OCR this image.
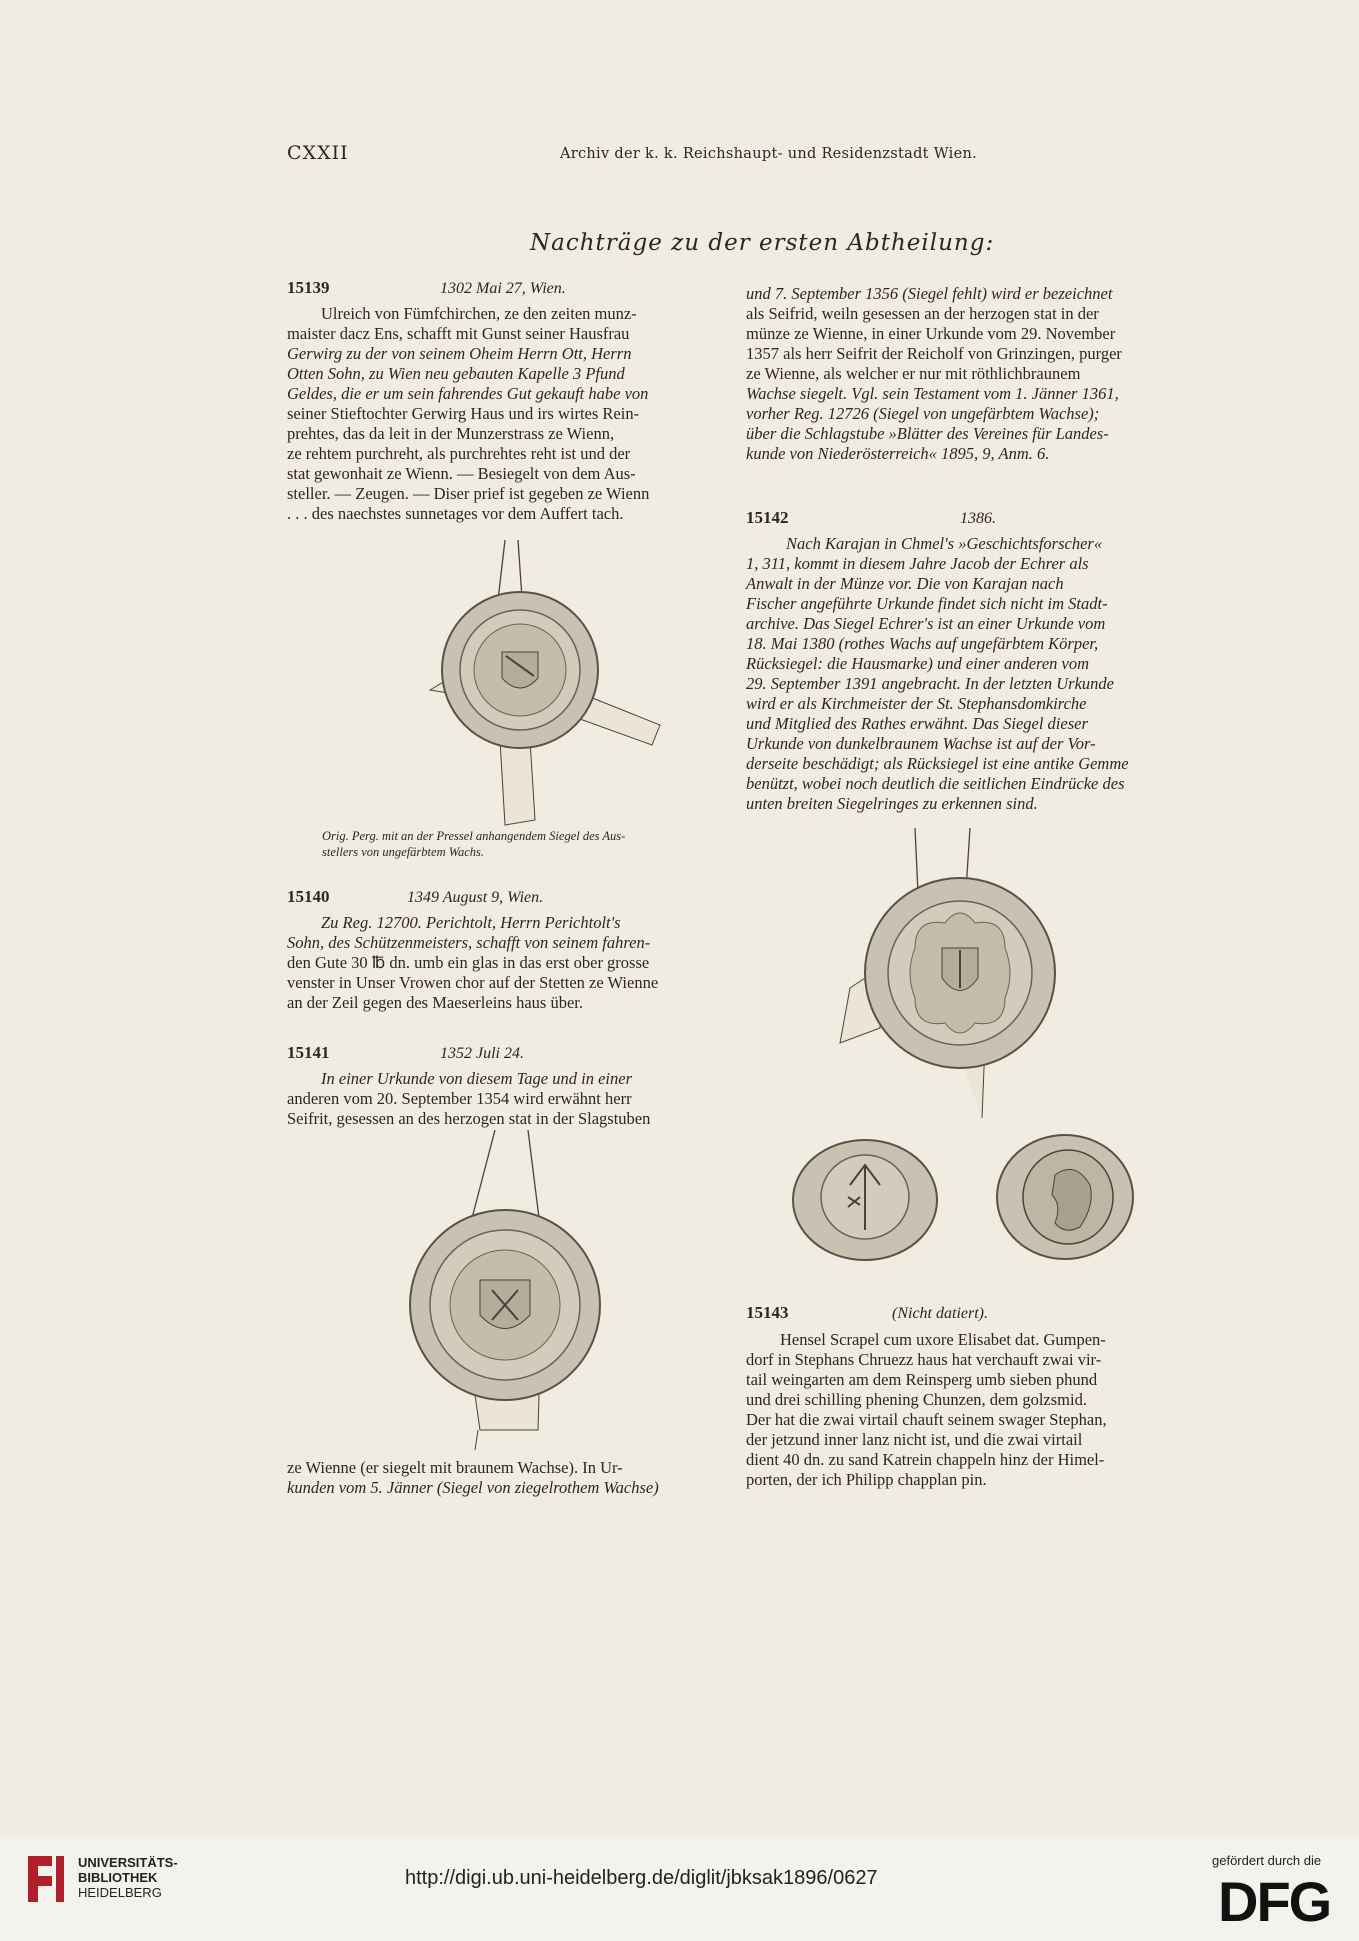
CXXII	Archiv der k. k. Reichshaupt- und Residenzstadt Wien.
Nachträge zu der ersten Abtheilung:
15139	1302 Mai 27, Wien.

Ulreich von Fümfchirchen, ze den zeiten munz-

maister dacz Ens, schafft mit Gunst seiner Hausfrau

Gerwirg zu der von seinem Oheim Herrn Ott, Herrn

Otten Sohn, zu Wien neu gebauten Kapelle 3 Pfund

Geldes, die er um sein fahrendes Gut gekauft habe von

seiner Stieftochter Gerwirg Haus und irs wirtes Rein-

prehtes, das da leit in der Munzerstrass ze Wienn,

ze rehtem purchreht, als purchrehtes reht ist und der

stat gewonhait ze Wienn. — Besiegelt von dem Aus-

steller. — Zeugen. — Diser prief ist gegeben ze Wienn

. . . des naechstes sunnetages vor dem Auffert tach.

Orig. Perg. mit an der Pressel anhangendem Siegel des Aus-
stellers von ungefärbtem Wachs.
15140	1349 August 9, Wien.

Zu Reg. 12700. Perichtolt, Herrn Perichtolt's

Sohn, des Schützenmeisters, schafft von seinem fahren-

den Gute 30 ℔ dn. umb ein glas in das erst ober grosse

venster in Unser Vrowen chor auf der Stetten ze Wienne

an der Zeil gegen des Maeserleins haus über.

15141	1352 Juli 24.

In einer Urkunde von diesem Tage und in einer

anderen vom 20. September 1354 wird erwähnt herr

Seifrit, gesessen an des herzogen stat in der Slagstuben

ze Wienne (er siegelt mit braunem Wachse). In Ur-

kunden vom 5. Jänner (Siegel von ziegelrothem Wachse)

und 7. September 1356 (Siegel fehlt) wird er bezeichnet

als Seifrid, weiln gesessen an der herzogen stat in der

münze ze Wienne, in einer Urkunde vom 29. November

1357 als herr Seifrit der Reicholf von Grinzingen, purger

ze Wienne, als welcher er nur mit röthlichbraunem

Wachse siegelt. Vgl. sein Testament vom 1. Jänner 1361,

vorher Reg. 12726 (Siegel von ungefärbtem Wachse);

über die Schlagstube »Blätter des Vereines für Landes-

kunde von Niederösterreich« 1895, 9, Anm. 6.

15142	1386.

Nach Karajan in Chmel's »Geschichtsforscher«

1, 311, kommt in diesem Jahre Jacob der Echrer als

Anwalt in der Münze vor. Die von Karajan nach

Fischer angeführte Urkunde findet sich nicht im Stadt-

archive. Das Siegel Echrer's ist an einer Urkunde vom

18. Mai 1380 (rothes Wachs auf ungefärbtem Körper,

Rücksiegel: die Hausmarke) und einer anderen vom

29. September 1391 angebracht. In der letzten Urkunde

wird er als Kirchmeister der St. Stephansdomkirche

und Mitglied des Rathes erwähnt. Das Siegel dieser

Urkunde von dunkelbraunem Wachse ist auf der Vor-

derseite beschädigt; als Rücksiegel ist eine antike Gemme

benützt, wobei noch deutlich die seitlichen Eindrücke des

unten breiten Siegelringes zu erkennen sind.

15143	(Nicht datiert).

Hensel Scrapel cum uxore Elisabet dat. Gumpen-

dorf in Stephans Chruezz haus hat verchauft zwai vir-

tail weingarten am dem Reinsperg umb sieben phund

und drei schilling phening Chunzen, dem golzsmid.

Der hat die zwai virtail chauft seinem swager Stephan,

der jetzund inner lanz nicht ist, und die zwai virtail

dient 40 dn. zu sand Katrein chappeln hinz der Himel-

porten, der ich Philipp chapplan pin.

UNIVERSITÄTS-
BIBLIOTHEK
HEIDELBERG
http://digi.ub.uni-heidelberg.de/diglit/jbksak1896/0627
gefördert durch die
DFG
